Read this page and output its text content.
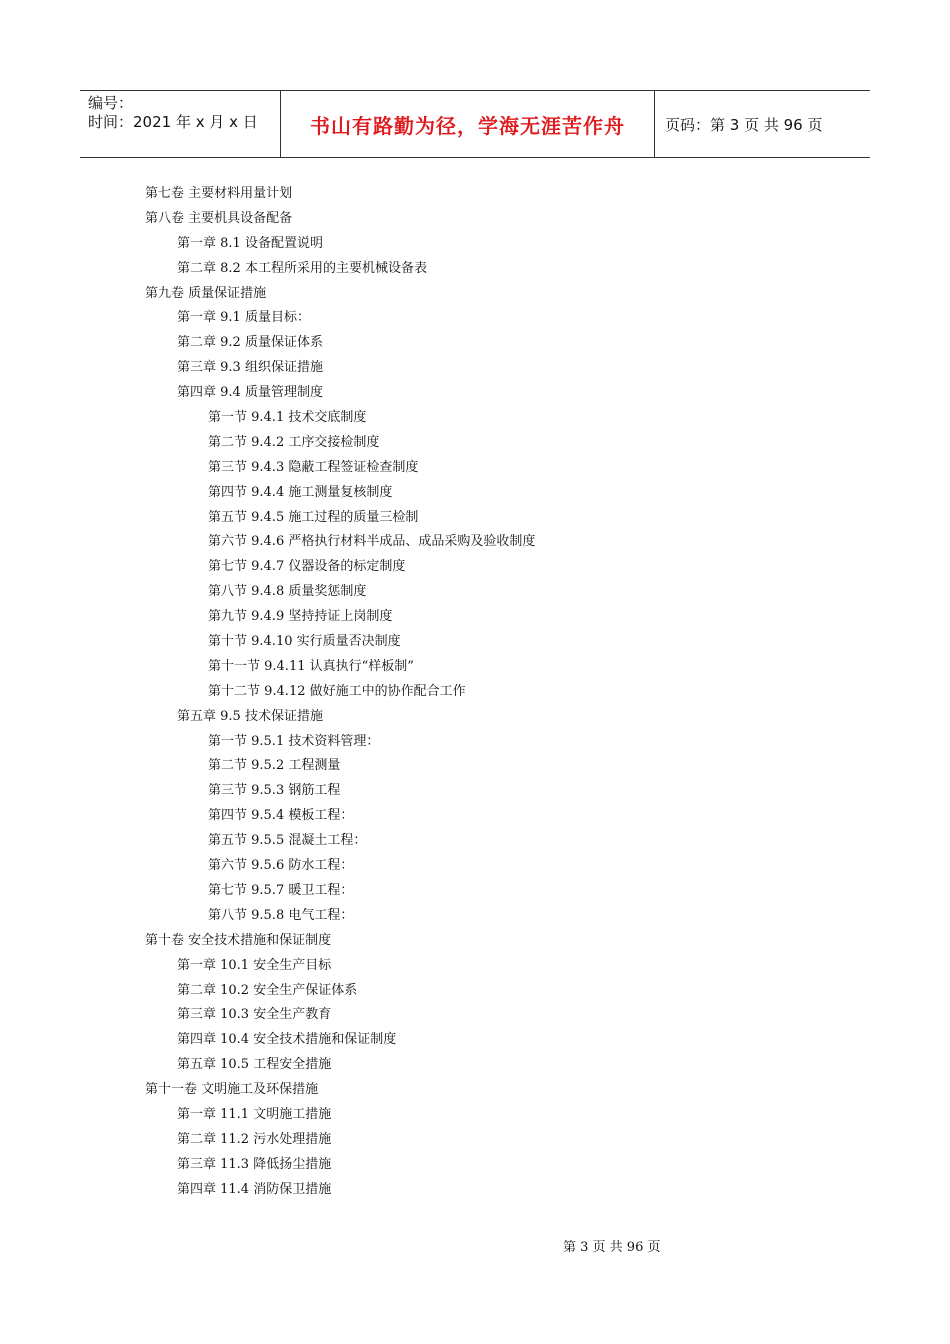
编号：
时间：2021 年 x 月 x 日	书山有路勤为径，学海无涯苦作舟	页码：第 3 页 共 96 页
第七卷 主要材料用量计划
第八卷 主要机具设备配备
第一章 8.1 设备配置说明
第二章 8.2 本工程所采用的主要机械设备表
第九卷 质量保证措施
第一章 9.1 质量目标：
第二章 9.2 质量保证体系
第三章 9.3 组织保证措施
第四章 9.4 质量管理制度
第一节 9.4.1 技术交底制度
第二节 9.4.2 工序交接检制度
第三节 9.4.3 隐蔽工程签证检查制度
第四节 9.4.4 施工测量复核制度
第五节 9.4.5 施工过程的质量三检制
第六节 9.4.6 严格执行材料半成品、成品采购及验收制度
第七节 9.4.7 仪器设备的标定制度
第八节 9.4.8 质量奖惩制度
第九节 9.4.9 坚持持证上岗制度
第十节 9.4.10 实行质量否决制度
第十一节 9.4.11 认真执行“样板制”
第十二节 9.4.12 做好施工中的协作配合工作
第五章 9.5 技术保证措施
第一节 9.5.1 技术资料管理：
第二节 9.5.2 工程测量
第三节 9.5.3 钢筋工程
第四节 9.5.4 模板工程：
第五节 9.5.5 混凝土工程：
第六节 9.5.6 防水工程：
第七节 9.5.7 暖卫工程：
第八节 9.5.8 电气工程：
第十卷 安全技术措施和保证制度
第一章 10.1 安全生产目标
第二章 10.2 安全生产保证体系
第三章 10.3 安全生产教育
第四章 10.4 安全技术措施和保证制度
第五章 10.5 工程安全措施
第十一卷 文明施工及环保措施
第一章 11.1 文明施工措施
第二章 11.2 污水处理措施
第三章 11.3 降低扬尘措施
第四章 11.4 消防保卫措施
第 3 页 共 96 页
